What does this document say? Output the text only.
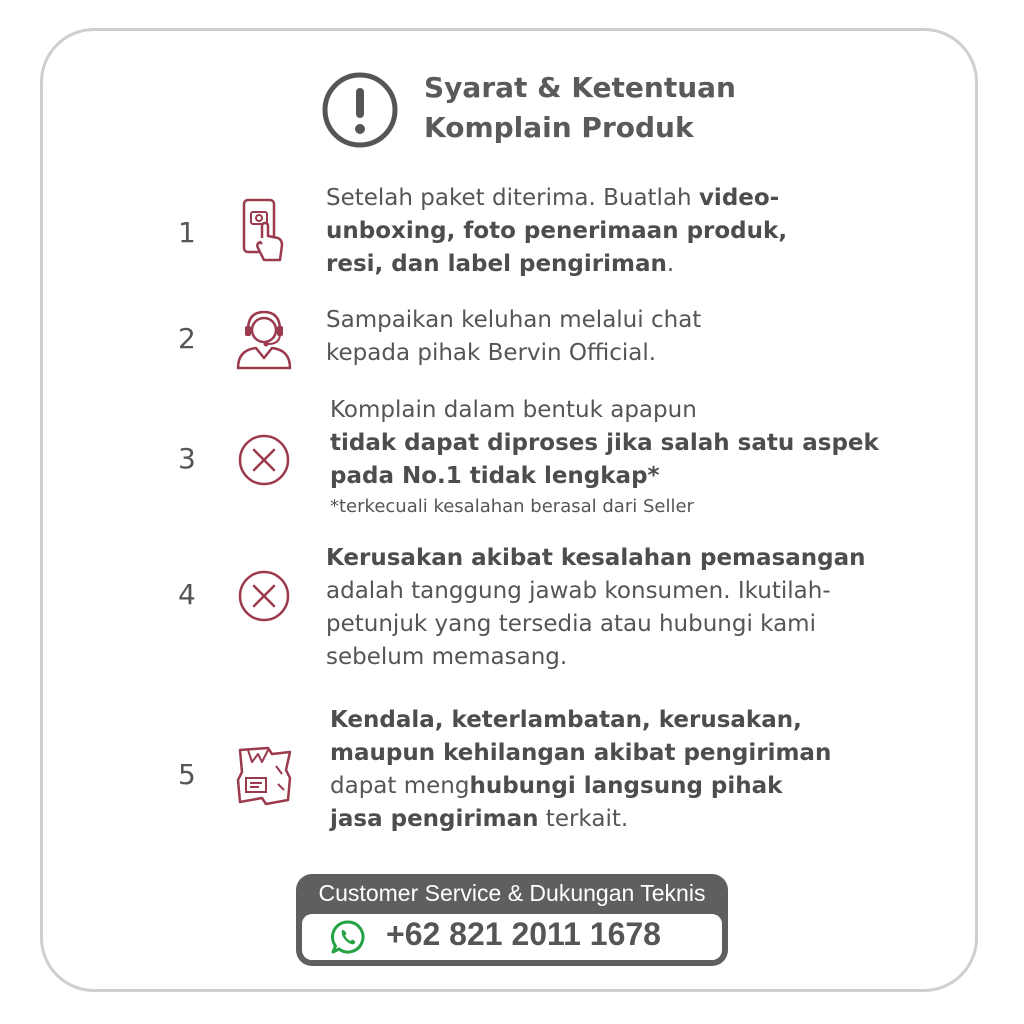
Syarat & Ketentuan
Komplain Produk
1
Setelah paket diterima. Buatlah video-
unboxing, foto penerimaan produk,
resi, dan label pengiriman.
2
Sampaikan keluhan melalui chat
kepada pihak Bervin Official.
3
Komplain dalam bentuk apapun
tidak dapat diproses jika salah satu aspek
pada No.1 tidak lengkap*
*terkecuali kesalahan berasal dari Seller
4
Kerusakan akibat kesalahan pemasangan
adalah tanggung jawab konsumen. Ikutilah-
petunjuk yang tersedia atau hubungi kami
sebelum memasang.
5
Kendala, keterlambatan, kerusakan,
maupun kehilangan akibat pengiriman
dapat menghubungi langsung pihak
jasa pengiriman terkait.
Customer Service & Dukungan Teknis
+62 821 2011 1678
